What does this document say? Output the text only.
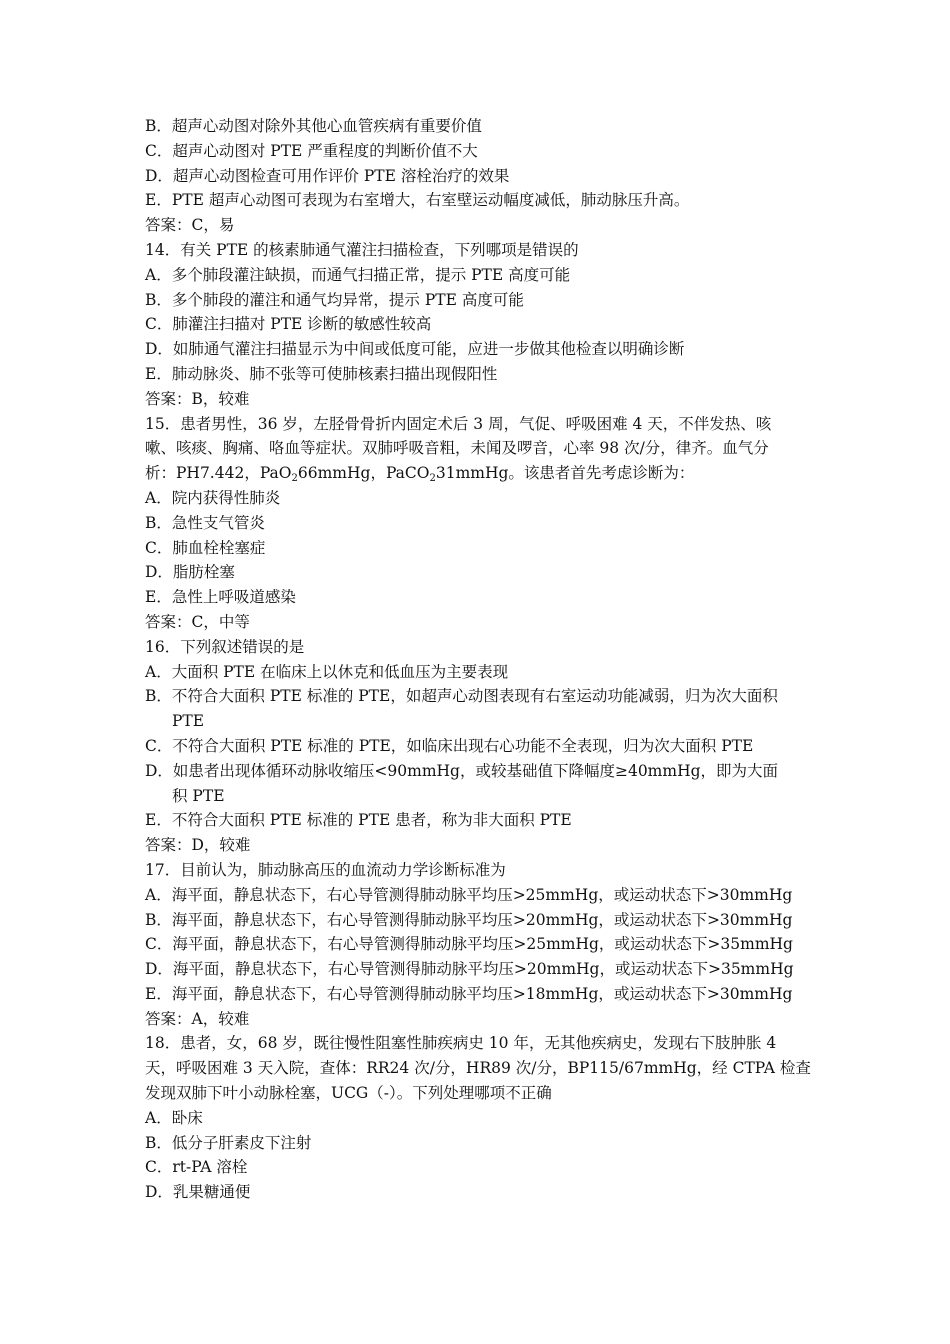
B．超声心动图对除外其他心血管疾病有重要价值
C．超声心动图对 PTE 严重程度的判断价值不大
D．超声心动图检查可用作评价 PTE 溶栓治疗的效果
E．PTE 超声心动图可表现为右室增大，右室壁运动幅度减低，肺动脉压升高。
答案：C，易
14．有关 PTE 的核素肺通气灌注扫描检查，下列哪项是错误的
A．多个肺段灌注缺损，而通气扫描正常，提示 PTE 高度可能
B．多个肺段的灌注和通气均异常，提示 PTE 高度可能
C．肺灌注扫描对 PTE 诊断的敏感性较高
D．如肺通气灌注扫描显示为中间或低度可能，应进一步做其他检查以明确诊断
E．肺动脉炎、肺不张等可使肺核素扫描出现假阳性
答案：B，较难
15．患者男性，36 岁，左胫骨骨折内固定术后 3 周，气促、呼吸困难 4 天，不伴发热、咳
嗽、咳痰、胸痛、咯血等症状。双肺呼吸音粗，未闻及啰音，心率 98 次/分，律齐。血气分
析：PH7.442，PaO$_2$66mmHg，PaCO$_2$31mmHg。该患者首先考虑诊断为：
A．院内获得性肺炎
B．急性支气管炎
C．肺血栓栓塞症
D．脂肪栓塞
E．急性上呼吸道感染
答案：C，中等
16．下列叙述错误的是
A．大面积 PTE 在临床上以休克和低血压为主要表现
B．不符合大面积 PTE 标准的 PTE，如超声心动图表现有右室运动功能减弱，归为次大面积
PTE
C．不符合大面积 PTE 标准的 PTE，如临床出现右心功能不全表现，归为次大面积 PTE
D．如患者出现体循环动脉收缩压<90mmHg，或较基础值下降幅度≥40mmHg，即为大面
积 PTE
E．不符合大面积 PTE 标准的 PTE 患者，称为非大面积 PTE
答案：D，较难
17．目前认为，肺动脉高压的血流动力学诊断标准为
A．海平面，静息状态下，右心导管测得肺动脉平均压>25mmHg，或运动状态下>30mmHg
B．海平面，静息状态下，右心导管测得肺动脉平均压>20mmHg，或运动状态下>30mmHg
C．海平面，静息状态下，右心导管测得肺动脉平均压>25mmHg，或运动状态下>35mmHg
D．海平面，静息状态下，右心导管测得肺动脉平均压>20mmHg，或运动状态下>35mmHg
E．海平面，静息状态下，右心导管测得肺动脉平均压>18mmHg，或运动状态下>30mmHg
答案：A，较难
18．患者，女，68 岁，既往慢性阻塞性肺疾病史 10 年，无其他疾病史，发现右下肢肿胀 4
天，呼吸困难 3 天入院，查体：RR24 次/分，HR89 次/分，BP115/67mmHg，经 CTPA 检查
发现双肺下叶小动脉栓塞，UCG（-）。下列处理哪项不正确
A．卧床
B．低分子肝素皮下注射
C．rt-PA 溶栓
D．乳果糖通便
